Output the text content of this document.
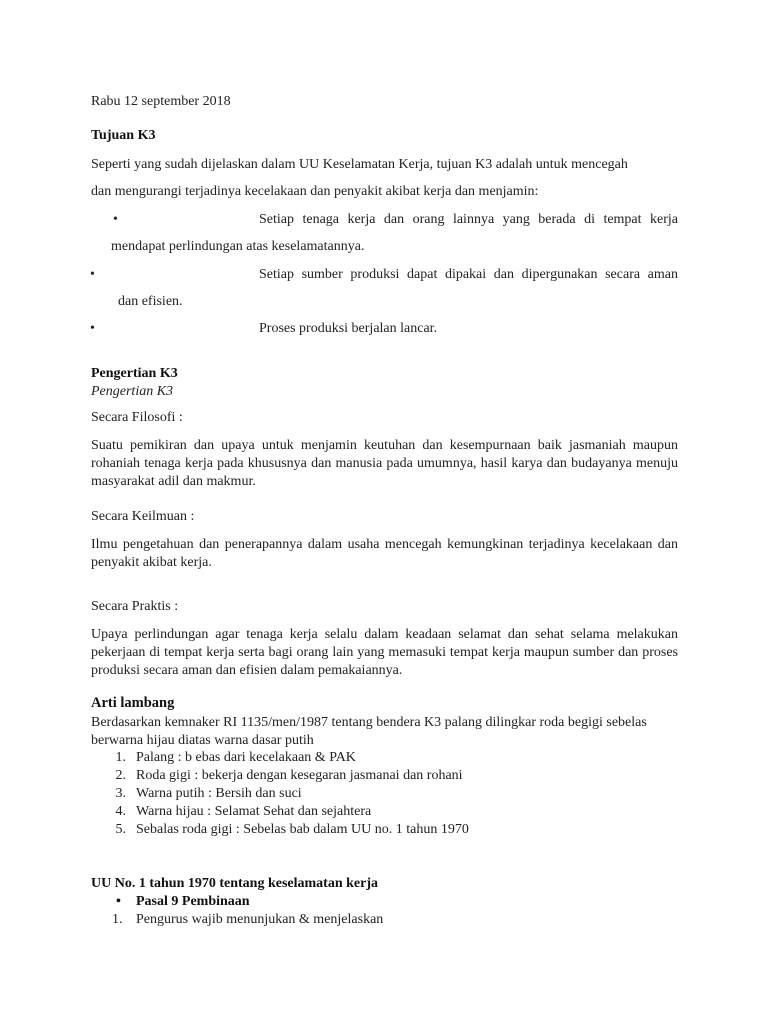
Rabu 12 september 2018
Tujuan K3
Seperti yang sudah dijelaskan dalam UU Keselamatan Kerja, tujuan K3 adalah untuk mencegah
dan mengurangi terjadinya kecelakaan dan penyakit akibat kerja dan menjamin:
•	Setiap tenaga kerja dan orang lainnya yang berada di tempat kerja
mendapat perlindungan atas keselamatannya.
•	Setiap sumber produksi dapat dipakai dan dipergunakan secara aman
dan efisien.
•	Proses produksi berjalan lancar.
Pengertian K3
Pengertian K3
Secara Filosofi :
Suatu pemikiran dan upaya untuk menjamin keutuhan dan kesempurnaan baik jasmaniah maupun rohaniah tenaga kerja pada khususnya dan manusia pada umumnya, hasil karya dan budayanya menuju masyarakat adil dan makmur.
Secara Keilmuan :
Ilmu pengetahuan dan penerapannya dalam usaha mencegah kemungkinan terjadinya kecelakaan dan penyakit akibat kerja.
Secara Praktis :
Upaya perlindungan agar tenaga kerja selalu dalam keadaan selamat dan sehat selama melakukan pekerjaan di tempat kerja serta bagi orang lain yang memasuki tempat kerja maupun sumber dan proses produksi secara aman dan efisien dalam pemakaiannya.
Arti lambang
Berdasarkan kemnaker RI 1135/men/1987 tentang bendera K3 palang dilingkar roda begigi sebelas berwarna hijau diatas warna dasar putih
1. Palang : b ebas dari kecelakaan & PAK
2. Roda gigi : bekerja dengan kesegaran jasmanai dan rohani
3. Warna putih : Bersih dan suci
4. Warna hijau : Selamat Sehat dan sejahtera
5. Sebalas roda gigi : Sebelas bab dalam UU no. 1 tahun 1970
UU No. 1 tahun 1970 tentang keselamatan kerja
• Pasal 9 Pembinaan
1. Pengurus wajib menunjukan & menjelaskan
